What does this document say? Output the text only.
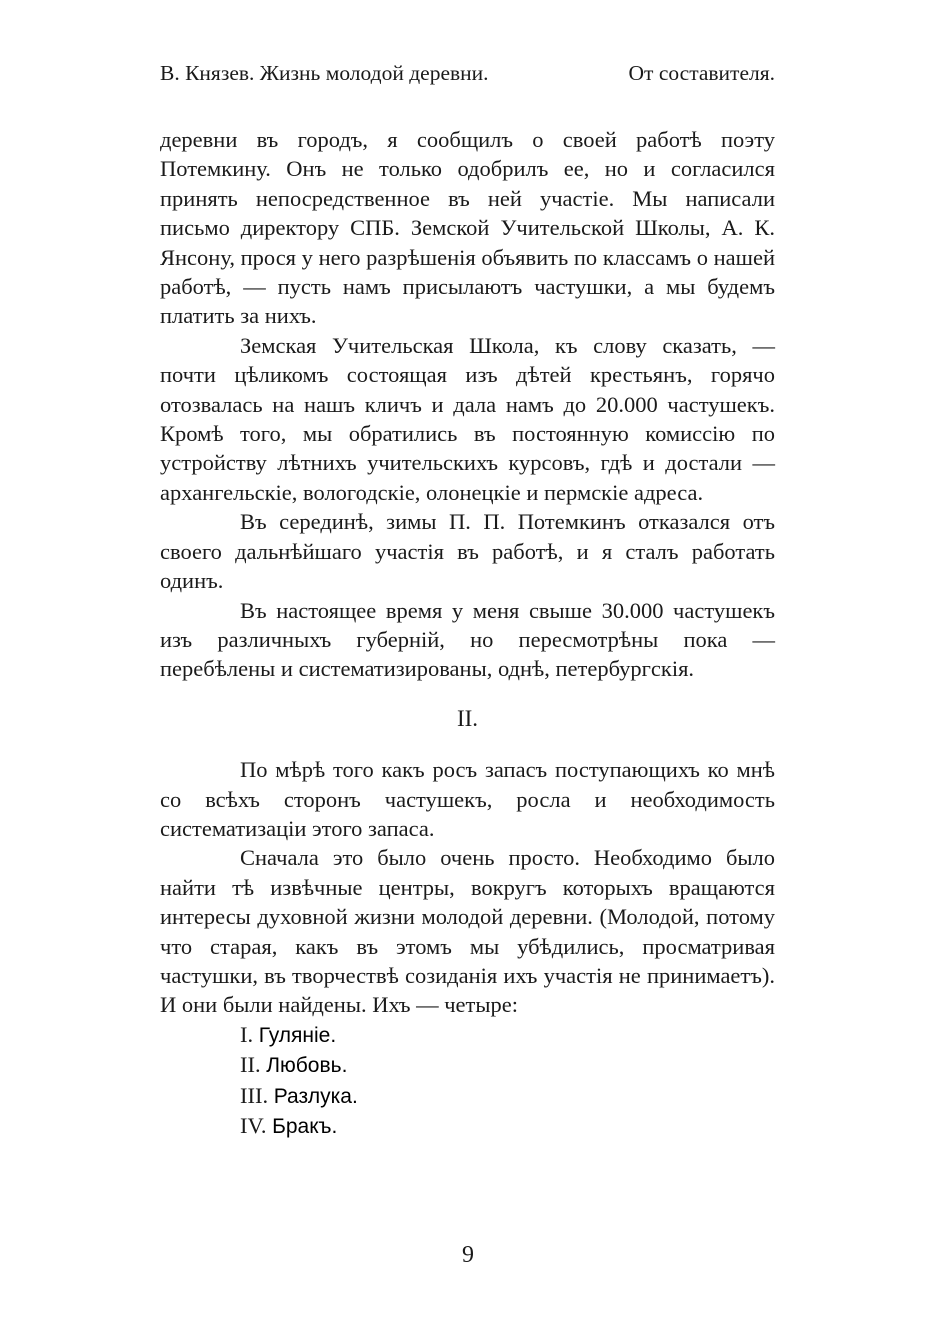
В. Князев. Жизнь молодой деревни.	От составителя.

деревни въ городъ, я сообщилъ о своей работѣ поэту Потемкину. Онъ не только одобрилъ ее, но и согласился принять непосредственное въ ней участіе. Мы написали письмо директору СПБ. Земской Учительской Школы, А. К. Янсону, прося у него разрѣшенія объявить по классамъ о нашей работѣ, — пусть намъ присылаютъ частушки, а мы будемъ платить за нихъ.

Земская Учительская Школа, къ слову сказать, — почти цѣликомъ состоящая изъ дѣтей крестьянъ, горячо отозвалась на нашъ кличъ и дала намъ до 20.000 частушекъ. Кромѣ того, мы обратились въ постоянную комиссію по устройству лѣтнихъ учительскихъ курсовъ, гдѣ и достали — архангельскіе, вологодскіе, олонецкіе и пермскіе адреса.

Въ серединѣ, зимы П. П. Потемкинъ отказался отъ своего дальнѣйшаго участія въ работѣ, и я сталъ работать одинъ.

Въ настоящее время у меня свыше 30.000 частушекъ изъ различныхъ губерній, но пересмотрѣны пока — перебѣлены и систематизированы, однѣ, петербургскія.

II.

По мѣрѣ того какъ росъ запасъ поступающихъ ко мнѣ со всѣхъ сторонъ частушекъ, росла и необходимость систематизаціи этого запаса.

Сначала это было очень просто. Необходимо было найти тѣ извѣчные центры, вокругъ которыхъ вращаются интересы духовной жизни молодой деревни. (Молодой, потому что старая, какъ въ этомъ мы убѣдились, просматривая частушки, въ творчествѣ созиданія ихъ участія не принимаетъ). И они были найдены. Ихъ — четыре:

I. Гуляніе.
II. Любовь.
III. Разлука.
IV. Бракъ.
9
